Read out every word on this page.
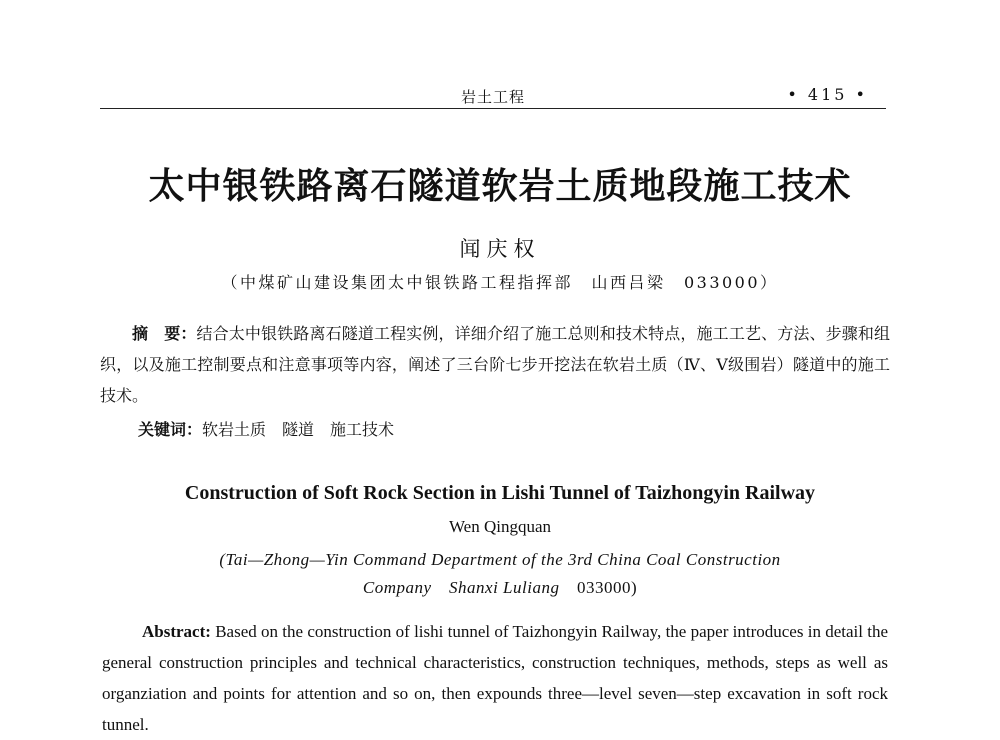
岩土工程	• 415 •
太中银铁路离石隧道软岩土质地段施工技术
闻庆权
（中煤矿山建设集团太中银铁路工程指挥部　山西吕梁　033000）

摘　要：结合太中银铁路离石隧道工程实例，详细介绍了施工总则和技术特点，施工工艺、方法、步骤和组织，以及施工控制要点和注意事项等内容，阐述了三台阶七步开挖法在软岩土质（Ⅳ、Ⅴ级围岩）隧道中的施工技术。

关键词：软岩土质 隧道 施工技术
Construction of Soft Rock Section in Lishi Tunnel of Taizhongyin Railway
Wen Qingquan
(Tai—Zhong—Yin Command Department of the 3rd China Coal Construction
Company　Shanxi Luliang　 033000)

Abstract: Based on the construction of lishi tunnel of Taizhongyin Railway, the paper introduces in detail the general construction principles and technical characteristics, construction techniques, methods, steps as well as organziation and points for attention and so on, then expounds three—level seven—step excavation in soft rock tunnel.
